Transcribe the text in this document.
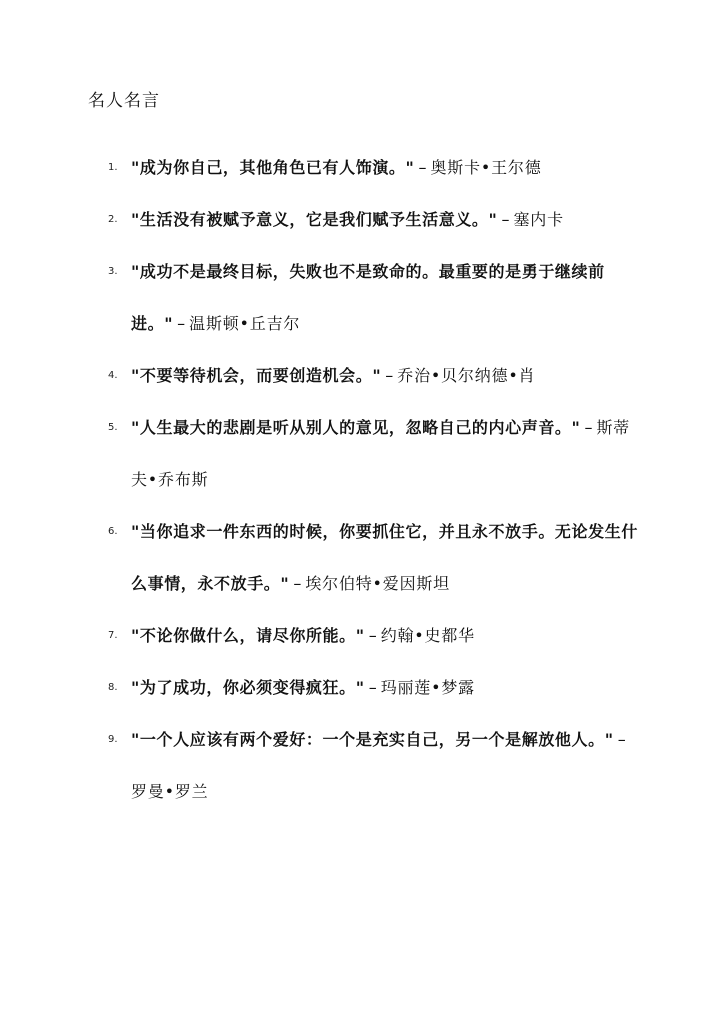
名人名言
1. "成为你自己，其他角色已有人饰演。" – 奥斯卡•王尔德
2. "生活没有被赋予意义，它是我们赋予生活意义。" – 塞内卡
3. "成功不是最终目标，失败也不是致命的。最重要的是勇于继续前进。" – 温斯顿•丘吉尔
4. "不要等待机会，而要创造机会。" – 乔治•贝尔纳德•肖
5. "人生最大的悲剧是听从别人的意见，忽略自己的内心声音。" – 斯蒂夫•乔布斯
6. "当你追求一件东西的时候，你要抓住它，并且永不放手。无论发生什么事情，永不放手。" – 埃尔伯特•爱因斯坦
7. "不论你做什么，请尽你所能。" – 约翰•史都华
8. "为了成功，你必须变得疯狂。" – 玛丽莲•梦露
9. "一个人应该有两个爱好：一个是充实自己，另一个是解放他人。" –罗曼•罗兰
